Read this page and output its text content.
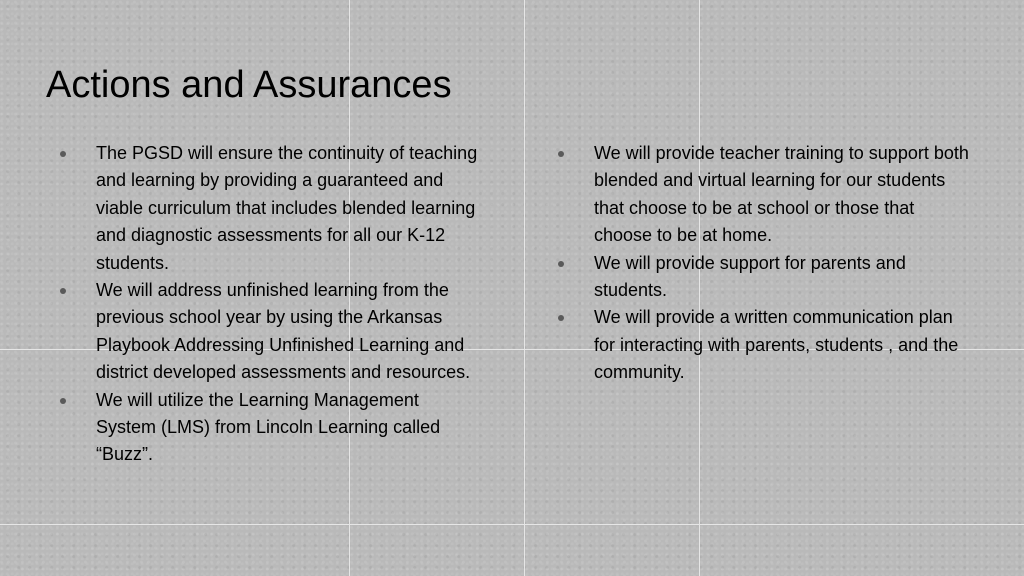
Actions and Assurances
The PGSD will ensure the continuity of teaching and learning by providing a guaranteed and viable curriculum that includes blended learning and diagnostic assessments for all our K-12 students.
We will address unfinished learning from the previous school year by using the Arkansas Playbook Addressing Unfinished Learning and district developed assessments and resources.
We will utilize the Learning Management System (LMS) from Lincoln Learning called “Buzz”.
We will provide teacher training to support both blended and virtual learning for our students that choose to be at school or those that choose to be at home.
We will provide support for parents and students.
We will provide a written communication plan for interacting with parents, students , and the community.
